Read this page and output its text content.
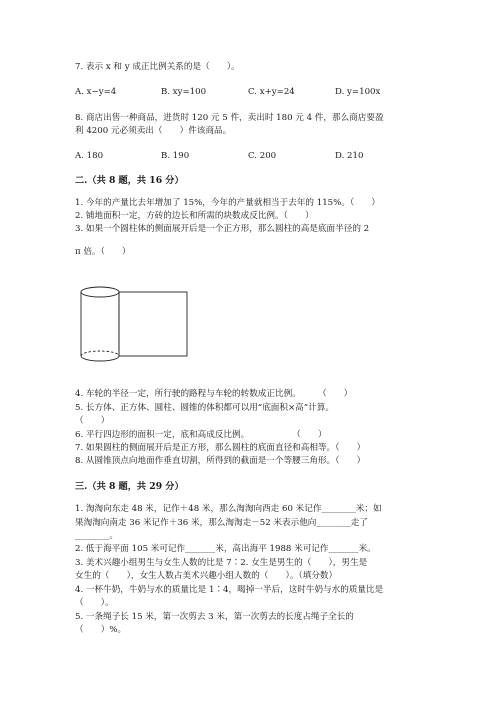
7. 表示 x 和 y 成正比例关系的是（　　）。
A. x−y=4	B. xy=100	C. x+y=24	D. y=100x
8. 商店出售一种商品，进货时 120 元 5 件，卖出时 180 元 4 件，那么商店要盈
利 4200 元必须卖出（　　）件该商品。
A. 180	B. 190	C. 200	D. 210
二.（共 8 题，共 16 分）
1. 今年的产量比去年增加了 15%，今年的产量就相当于去年的 115%。（　　）
2. 铺地面积一定，方砖的边长和所需的块数成反比例。（　　）
3. 如果一个圆柱体的侧面展开后是一个正方形，那么圆柱的高是底面半径的 2
π 倍。（　　）
4. 车轮的半径一定，所行驶的路程与车轮的转数成正比例。　　　（　　）
5. 长方体、正方体、圆柱、圆锥的体积都可以用“底面积×高”计算。
（　　）
6. 平行四边形的面积一定，底和高成反比例。　　　　　　（　　）
7. 如果圆柱的侧面展开后是正方形，那么圆柱的底面直径和高相等。（　　）
8. 从圆锥顶点向地面作垂直切割，所得到的截面是一个等腰三角形。（　　）
三.（共 8 题，共 29 分）
1. 淘淘向东走 48 米，记作＋48 米，那么淘淘向西走 60 米记作________米；如
果淘淘向南走 36 米记作＋36 米，那么淘淘走－52 米表示他向________走了
________。
2. 低于海平面 105 米可记作_______米，高出海平 1988 米可记作_______米。
3. 美术兴趣小组男生与女生人数的比是 7∶2. 女生是男生的（　　），男生是
女生的（　　），女生人数占美术兴趣小组人数的（　　）。（填分数）
4. 一杯牛奶，牛奶与水的质量比是 1∶4，喝掉一半后，这时牛奶与水的质量比是
（　　）。
5. 一条绳子长 15 米，第一次剪去 3 米，第一次剪去的长度占绳子全长的
（　　）%。
